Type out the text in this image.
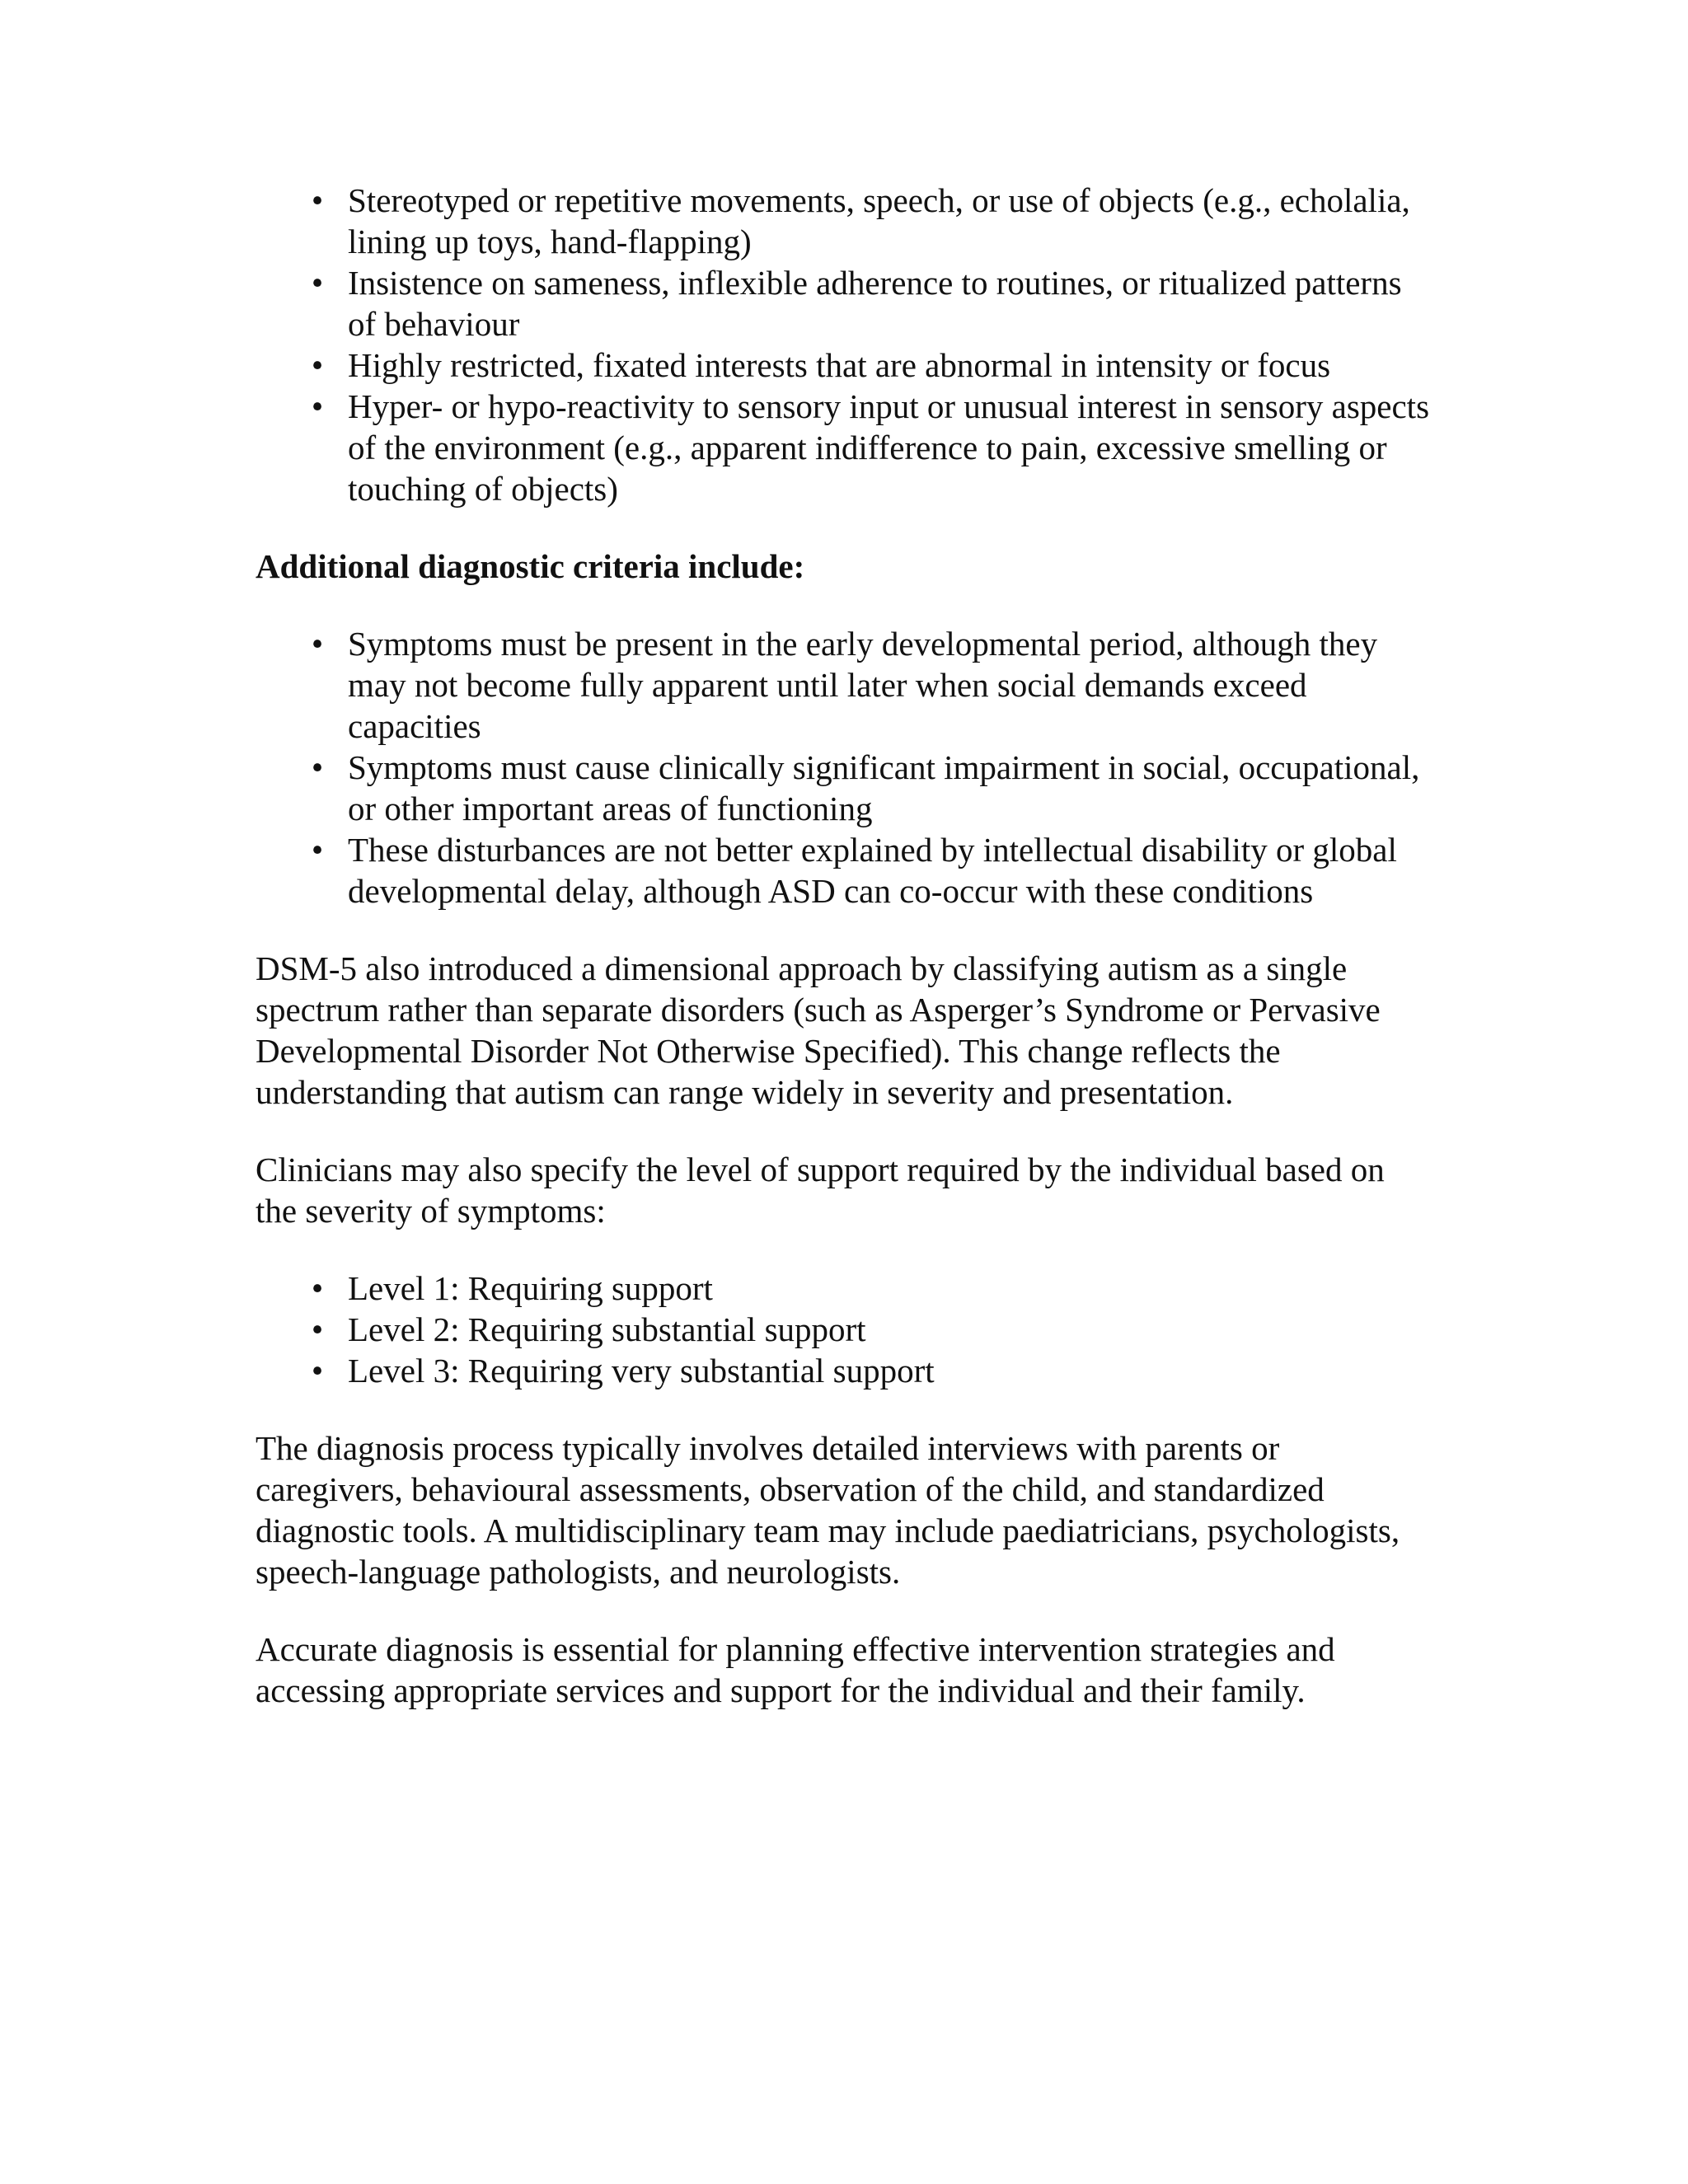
• Stereotyped or repetitive movements, speech, or use of objects (e.g., echolalia, lining up toys, hand-flapping)
• Insistence on sameness, inflexible adherence to routines, or ritualized patterns of behaviour
• Highly restricted, fixated interests that are abnormal in intensity or focus
• Hyper- or hypo-reactivity to sensory input or unusual interest in sensory aspects of the environment (e.g., apparent indifference to pain, excessive smelling or touching of objects)

Additional diagnostic criteria include:

• Symptoms must be present in the early developmental period, although they may not become fully apparent until later when social demands exceed capacities
• Symptoms must cause clinically significant impairment in social, occupational, or other important areas of functioning
• These disturbances are not better explained by intellectual disability or global developmental delay, although ASD can co-occur with these conditions

DSM-5 also introduced a dimensional approach by classifying autism as a single spectrum rather than separate disorders (such as Asperger’s Syndrome or Pervasive Developmental Disorder Not Otherwise Specified). This change reflects the understanding that autism can range widely in severity and presentation.

Clinicians may also specify the level of support required by the individual based on the severity of symptoms:

• Level 1: Requiring support
• Level 2: Requiring substantial support
• Level 3: Requiring very substantial support

The diagnosis process typically involves detailed interviews with parents or caregivers, behavioural assessments, observation of the child, and standardized diagnostic tools. A multidisciplinary team may include paediatricians, psychologists, speech-language pathologists, and neurologists.

Accurate diagnosis is essential for planning effective intervention strategies and accessing appropriate services and support for the individual and their family.
